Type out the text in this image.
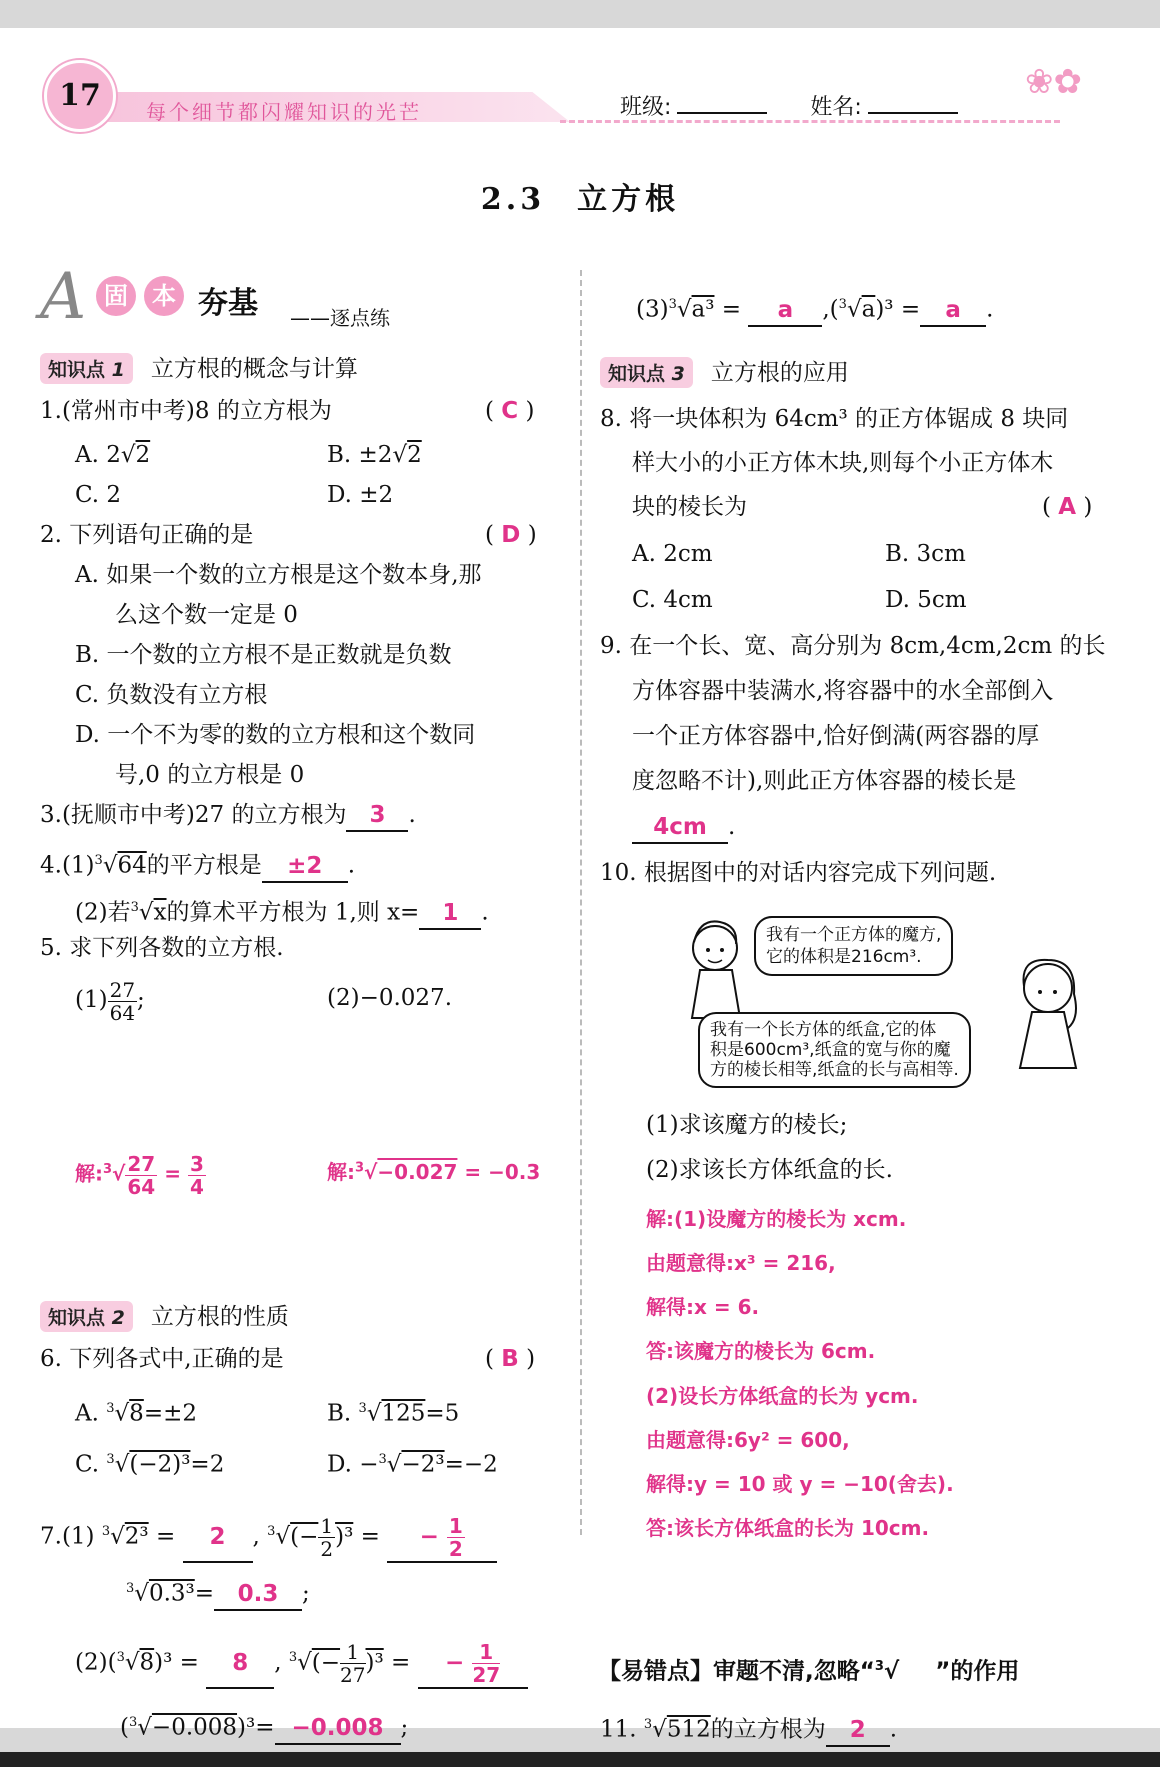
17	每个细节都闪耀知识的光芒	班级:	姓名:
❀✿
2.3 立方根
A 固	本 夯基 ——逐点练
知识点 1 立方根的概念与计算
1.(常州市中考)8 的立方根为	( C )
A. 2√2	B. ±2√2
C. 2	D. ±2
2. 下列语句正确的是	( D )
A. 如果一个数的立方根是这个数本身,那
么这个数一定是 0
B. 一个数的立方根不是正数就是负数
C. 负数没有立方根
D. 一个不为零的数的立方根和这个数同
号,0 的立方根是 0
3.(抚顺市中考)27 的立方根为 3 .
$4.(1)^3√64$的平方根是 ±2 .
(2)若$^3$√x的算术平方根为 1,则 x= 1 .
5. 求下列各数的立方根.
$(1) \frac{27}{64}$ ;	(2)−0.027.
解:$^3$√ $\frac{27}{64} = \frac{3}{4}$	解:$^3$√−0.027 = −0.3
知识点 2 立方根的性质
6. 下列各式中,正确的是	( B )
A. $^3$√8=±2	B. $^3$√125=5
C. $^3$√(−2)³=2	D. −$^3$√−2³=−2
7.(1) $^3$√2³ = 2 , $^3√(- \frac{1}{2} )^3$ = − $\frac{1}{2}$
$^3$√0.3³= 0.3 ;
(2)($^3$√8)³ = 8 , $^3√(- \frac{1}{27} )^3$ = − $\frac{1}{27}$
($^3$√−0.008)³= −0.008 ;
$(3)^3√a^3 = a$ ,($^3$√a)³ = a .
知识点 3 立方根的应用
8. 将一块体积为 64cm³ 的正方体锯成 8 块同
样大小的小正方体木块,则每个小正方体木
块的棱长为	( A )
A. 2cm	B. 3cm
C. 4cm	D. 5cm
9. 在一个长、宽、高分别为 8cm,4cm,2cm 的长
方体容器中装满水,将容器中的水全部倒入
一个正方体容器中,恰好倒满(两容器的厚
度忽略不计),则此正方体容器的棱长是
4cm .
10. 根据图中的对话内容完成下列问题.
我有一个正方体的魔方,
它的体积是216cm³.
我有一个长方体的纸盒,它的体
积是600cm³,纸盒的宽与你的魔
方的棱长相等,纸盒的长与高相等.
(1)求该魔方的棱长;
(2)求该长方体纸盒的长.
解:(1)设魔方的棱长为 xcm.
由题意得:x³ = 216,
解得:x = 6.
答:该魔方的棱长为 6cm.
(2)设长方体纸盒的长为 ycm.
由题意得:6y² = 600,
解得:y = 10 或 y = −10(舍去).
答:该长方体纸盒的长为 10cm.
【易错点】审题不清,忽略“$^3$√ ”的作用
11. $^3$√512的立方根为 2 .
